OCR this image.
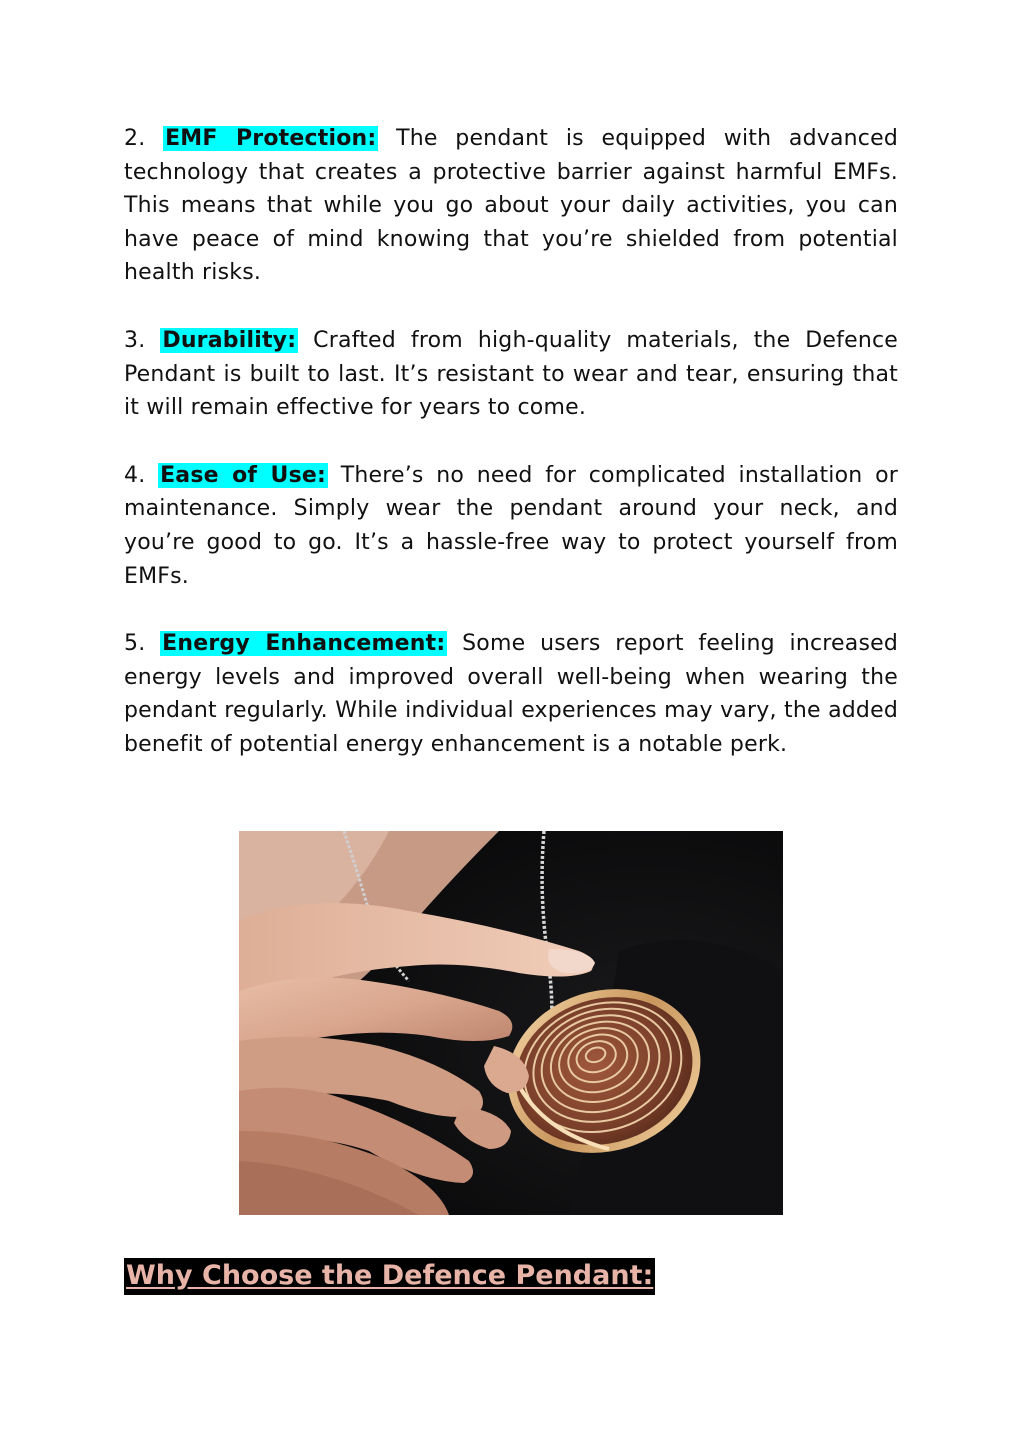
2. EMF Protection: The pendant is equipped with advanced technology that creates a protective barrier against harmful EMFs. This means that while you go about your daily activities, you can have peace of mind knowing that you’re shielded from potential health risks.

3. Durability: Crafted from high-quality materials, the Defence Pendant is built to last. It’s resistant to wear and tear, ensuring that it will remain effective for years to come.

4. Ease of Use: There’s no need for complicated installation or maintenance. Simply wear the pendant around your neck, and you’re good to go. It’s a hassle-free way to protect yourself from EMFs.

5. Energy Enhancement: Some users report feeling increased energy levels and improved overall well-being when wearing the pendant regularly. While individual experiences may vary, the added benefit of potential energy enhancement is a notable perk.

Why Choose the Defence Pendant:
